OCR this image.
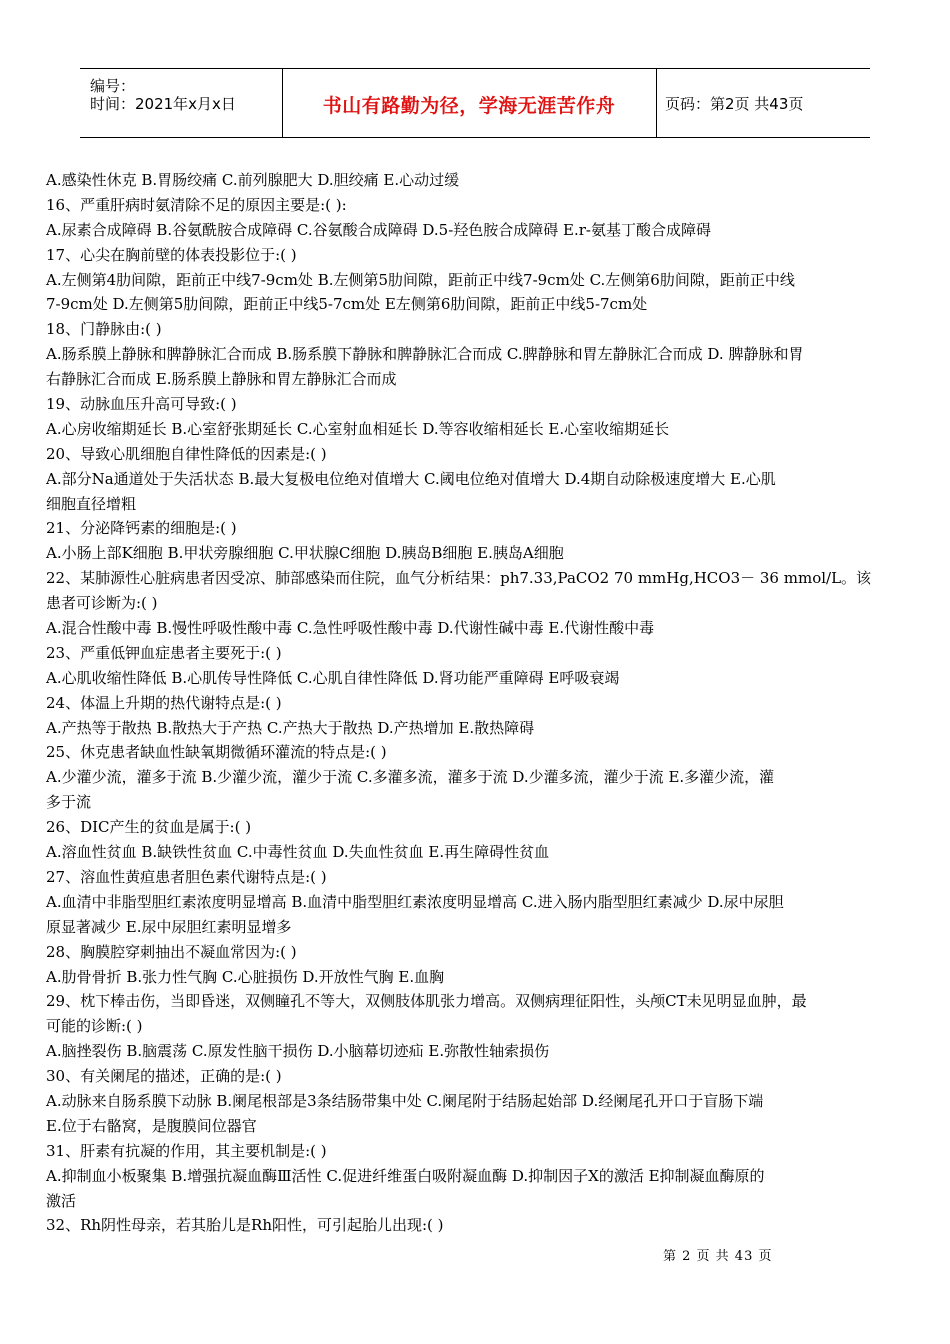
编号：
时间：2021年x月x日	书山有路勤为径，学海无涯苦作舟	页码：第2页 共43页
A.感染性休克 B.胃肠绞痛 C.前列腺肥大 D.胆绞痛 E.心动过缓
16、严重肝病时氨清除不足的原因主要是:( ):
A.尿素合成障碍 B.谷氨酰胺合成障碍 C.谷氨酸合成障碍 D.5-羟色胺合成障碍 E.r-氨基丁酸合成障碍
17、心尖在胸前壁的体表投影位于:( )
A.左侧第4肋间隙，距前正中线7-9cm处 B.左侧第5肋间隙，距前正中线7-9cm处 C.左侧第6肋间隙，距前正中线
7-9cm处 D.左侧第5肋间隙，距前正中线5-7cm处 E左侧第6肋间隙，距前正中线5-7cm处
18、门静脉由:( )
A.肠系膜上静脉和脾静脉汇合而成 B.肠系膜下静脉和脾静脉汇合而成 C.脾静脉和胃左静脉汇合而成 D. 脾静脉和胃
右静脉汇合而成 E.肠系膜上静脉和胃左静脉汇合而成
19、动脉血压升高可导致:( )
A.心房收缩期延长 B.心室舒张期延长 C.心室射血相延长 D.等容收缩相延长 E.心室收缩期延长
20、导致心肌细胞自律性降低的因素是:( )
A.部分Na通道处于失活状态 B.最大复极电位绝对值增大 C.阈电位绝对值增大 D.4期自动除极速度增大 E.心肌
细胞直径增粗
21、分泌降钙素的细胞是:( )
A.小肠上部K细胞 B.甲状旁腺细胞 C.甲状腺C细胞 D.胰岛B细胞 E.胰岛A细胞
22、某肺源性心脏病患者因受凉、肺部感染而住院，血气分析结果：ph7.33,PaCO2 70 mmHg,HCO3－ 36 mmol/L。该
患者可诊断为:( )
A.混合性酸中毒 B.慢性呼吸性酸中毒 C.急性呼吸性酸中毒 D.代谢性碱中毒 E.代谢性酸中毒
23、严重低钾血症患者主要死于:( )
A.心肌收缩性降低 B.心肌传导性降低 C.心肌自律性降低 D.肾功能严重障碍 E呼吸衰竭
24、体温上升期的热代谢特点是:( )
A.产热等于散热 B.散热大于产热 C.产热大于散热 D.产热增加 E.散热障碍
25、休克患者缺血性缺氧期微循环灌流的特点是:( )
A.少灌少流，灌多于流 B.少灌少流，灌少于流 C.多灌多流，灌多于流 D.少灌多流，灌少于流 E.多灌少流，灌
多于流
26、DIC产生的贫血是属于:( )
A.溶血性贫血 B.缺铁性贫血 C.中毒性贫血 D.失血性贫血 E.再生障碍性贫血
27、溶血性黄疸患者胆色素代谢特点是:( )
A.血清中非脂型胆红素浓度明显增高 B.血清中脂型胆红素浓度明显增高 C.进入肠内脂型胆红素减少 D.尿中尿胆
原显著减少 E.尿中尿胆红素明显增多
28、胸膜腔穿刺抽出不凝血常因为:( )
A.肋骨骨折 B.张力性气胸 C.心脏损伤 D.开放性气胸 E.血胸
29、枕下棒击伤，当即昏迷，双侧瞳孔不等大，双侧肢体肌张力增高。双侧病理征阳性，头颅CT未见明显血肿，最
可能的诊断:( )
A.脑挫裂伤 B.脑震荡 C.原发性脑干损伤 D.小脑幕切迹疝 E.弥散性轴索损伤
30、有关阑尾的描述，正确的是:( )
A.动脉来自肠系膜下动脉 B.阑尾根部是3条结肠带集中处 C.阑尾附于结肠起始部 D.经阑尾孔开口于盲肠下端
E.位于右骼窝，是腹膜间位器官
31、肝素有抗凝的作用，其主要机制是:( )
A.抑制血小板聚集 B.增强抗凝血酶Ⅲ活性 C.促进纤维蛋白吸附凝血酶 D.抑制因子X的激活 E抑制凝血酶原的
激活
32、Rh阴性母亲，若其胎儿是Rh阳性，可引起胎儿出现:( )
第 2 页 共 43 页
